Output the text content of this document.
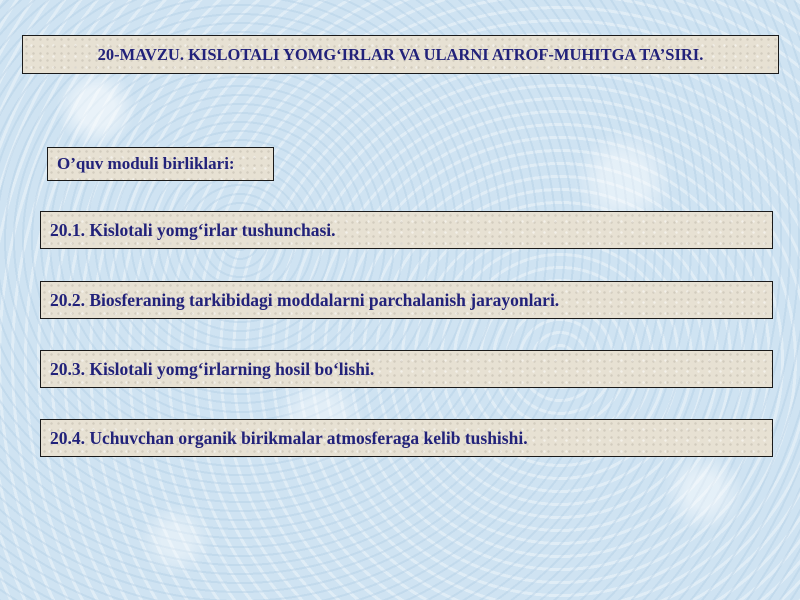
20-MAVZU. KISLOTALI YOMG‘IRLAR VA ULARNI ATROF-MUHITGA TA’SIRI.
O’quv moduli birliklari:
20.1. Kislotali yomg‘irlar tushunchasi.
20.2. Biosferaning tarkibidagi moddalarni parchalanish jarayonlari.
20.3. Kislotali yomg‘irlarning hosil bo‘lishi.
20.4. Uchuvchan organik birikmalar atmosferaga kelib tushishi.
